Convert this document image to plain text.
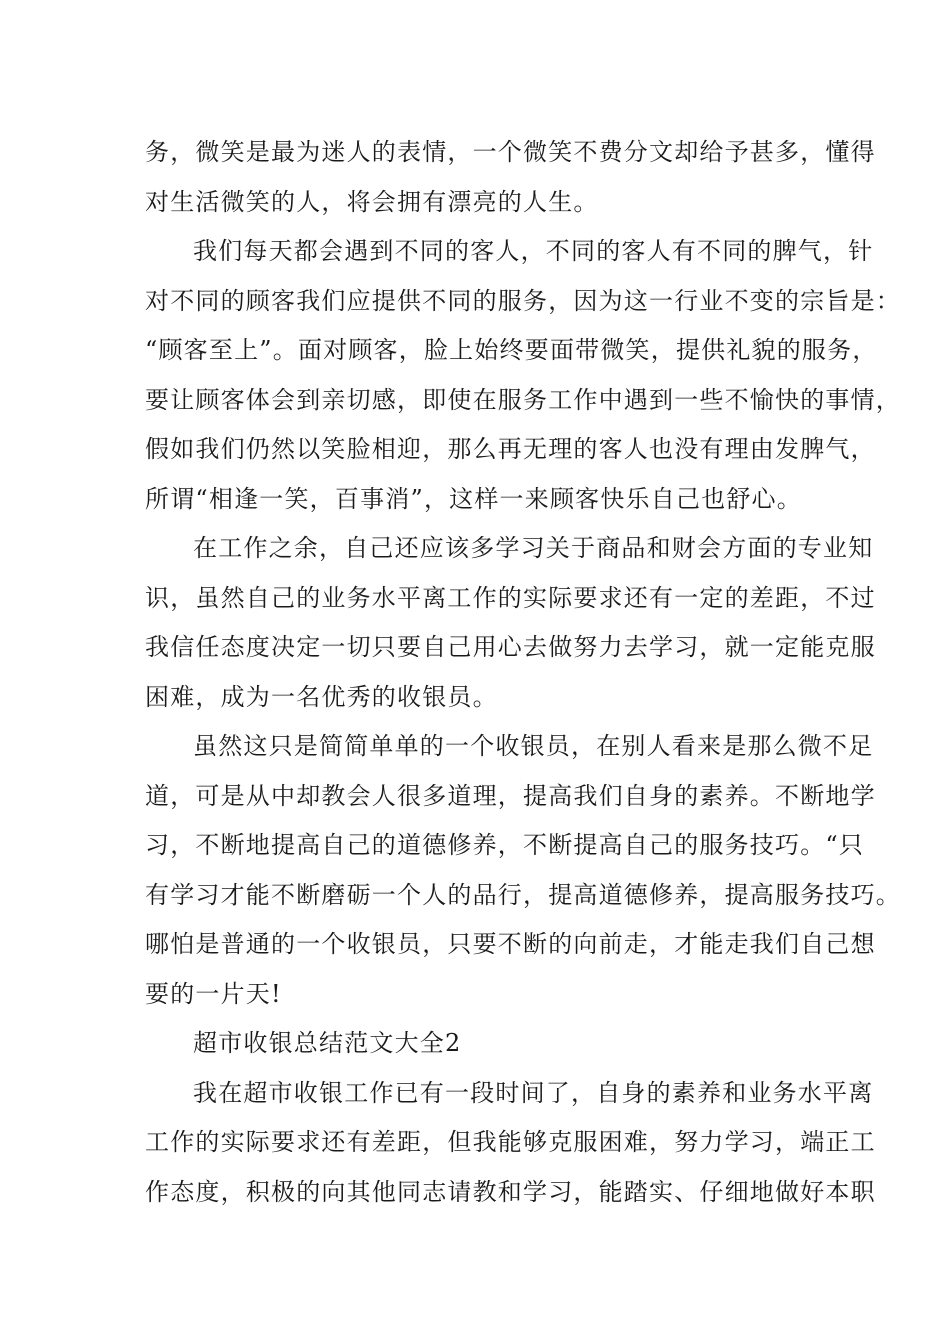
务，微笑是最为迷人的表情，一个微笑不费分文却给予甚多，懂得
对生活微笑的人，将会拥有漂亮的人生。
我们每天都会遇到不同的客人，不同的客人有不同的脾气，针
对不同的顾客我们应提供不同的服务，因为这一行业不变的宗旨是：
“顾客至上”。面对顾客，脸上始终要面带微笑，提供礼貌的服务，
要让顾客体会到亲切感，即使在服务工作中遇到一些不愉快的事情，
假如我们仍然以笑脸相迎，那么再无理的客人也没有理由发脾气，
所谓“相逢一笑，百事消”，这样一来顾客快乐自己也舒心。
在工作之余，自己还应该多学习关于商品和财会方面的专业知
识，虽然自己的业务水平离工作的实际要求还有一定的差距，不过
我信任态度决定一切只要自己用心去做努力去学习，就一定能克服
困难，成为一名优秀的收银员。
虽然这只是简简单单的一个收银员，在别人看来是那么微不足
道，可是从中却教会人很多道理，提高我们自身的素养。不断地学
习，不断地提高自己的道德修养，不断提高自己的服务技巧。“只
有学习才能不断磨砺一个人的品行，提高道德修养，提高服务技巧。
哪怕是普通的一个收银员，只要不断的向前走，才能走我们自己想
要的一片天!
超市收银总结范文大全2
我在超市收银工作已有一段时间了，自身的素养和业务水平离
工作的实际要求还有差距，但我能够克服困难，努力学习，端正工
作态度，积极的向其他同志请教和学习，能踏实、仔细地做好本职
